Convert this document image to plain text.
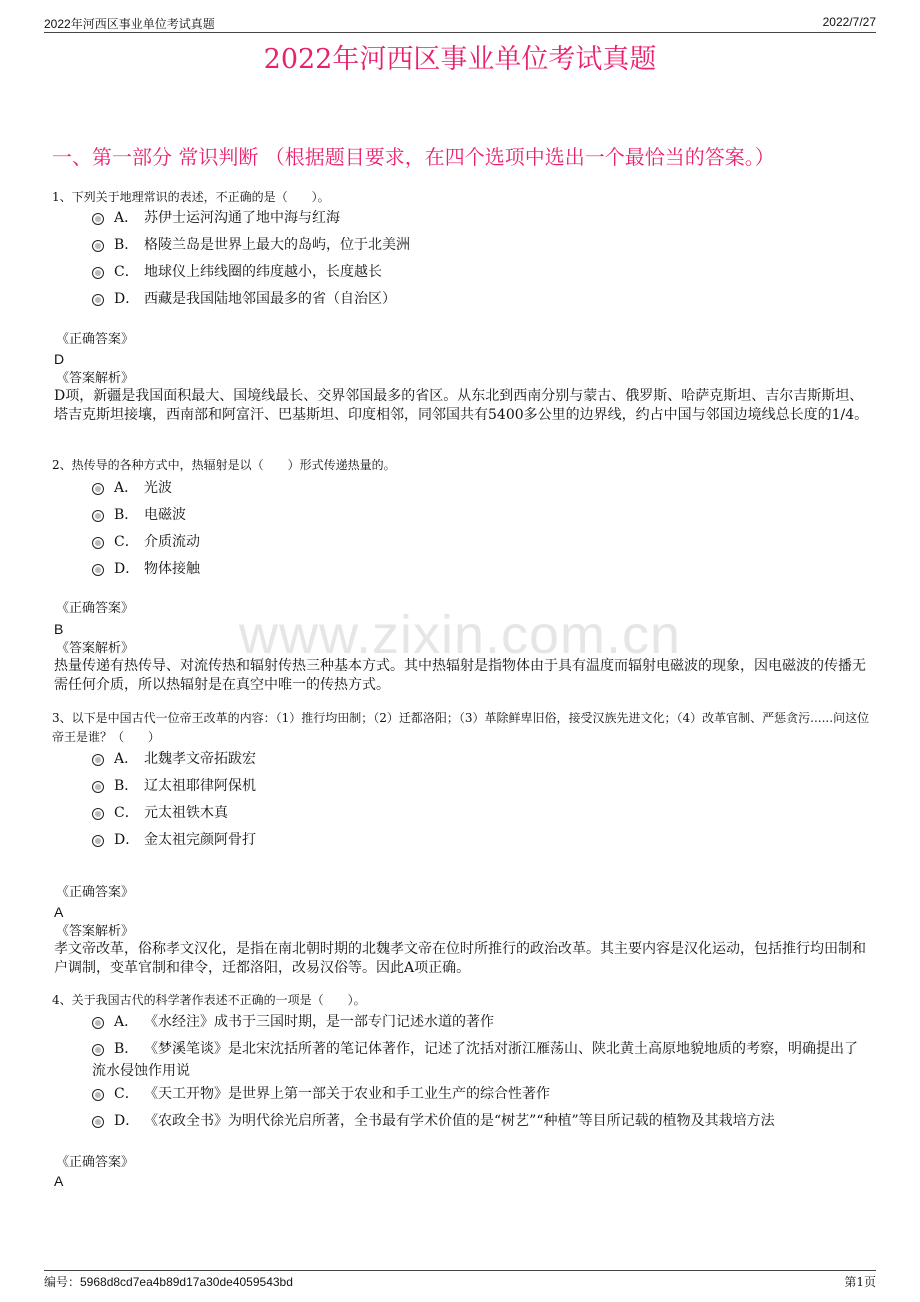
2022年河西区事业单位考试真题	2022/7/27
2022年河西区事业单位考试真题
一、第一部分 常识判断 （根据题目要求，在四个选项中选出一个最恰当的答案。）
www.zixin.com.cn
1、下列关于地理常识的表述，不正确的是（　　）。
A． 苏伊士运河沟通了地中海与红海
B． 格陵兰岛是世界上最大的岛屿，位于北美洲
C． 地球仪上纬线圈的纬度越小，长度越长
D． 西藏是我国陆地邻国最多的省（自治区）
《正确答案》
D
《答案解析》
D项，新疆是我国面积最大、国境线最长、交界邻国最多的省区。从东北到西南分别与蒙古、俄罗斯、哈萨克斯坦、吉尔吉斯斯坦、塔吉克斯坦接壤，西南部和阿富汗、巴基斯坦、印度相邻，同邻国共有5400多公里的边界线，约占中国与邻国边境线总长度的1/4。
2、热传导的各种方式中，热辐射是以（　　）形式传递热量的。
A． 光波
B． 电磁波
C． 介质流动
D． 物体接触
《正确答案》
B
《答案解析》
热量传递有热传导、对流传热和辐射传热三种基本方式。其中热辐射是指物体由于具有温度而辐射电磁波的现象，因电磁波的传播无需任何介质，所以热辐射是在真空中唯一的传热方式。
3、以下是中国古代一位帝王改革的内容：（1）推行均田制；（2）迁都洛阳；（3）革除鲜卑旧俗，接受汉族先进文化；（4）改革官制、严惩贪污......问这位帝王是谁？（　　）
A． 北魏孝文帝拓跋宏
B． 辽太祖耶律阿保机
C． 元太祖铁木真
D． 金太祖完颜阿骨打
《正确答案》
A
《答案解析》
孝文帝改革，俗称孝文汉化，是指在南北朝时期的北魏孝文帝在位时所推行的政治改革。其主要内容是汉化运动，包括推行均田制和户调制，变革官制和律令，迁都洛阳，改易汉俗等。因此A项正确。
4、关于我国古代的科学著作表述不正确的一项是（　　）。
A． 《水经注》成书于三国时期，是一部专门记述水道的著作
B． 《梦溪笔谈》是北宋沈括所著的笔记体著作，记述了沈括对浙江雁荡山、陕北黄土高原地貌地质的考察，明确提出了流水侵蚀作用说
C． 《天工开物》是世界上第一部关于农业和手工业生产的综合性著作
D． 《农政全书》为明代徐光启所著，全书最有学术价值的是“树艺”“种植”等目所记载的植物及其栽培方法
《正确答案》
A
编号：5968d8cd7ea4b89d17a30de4059543bd	第1页
